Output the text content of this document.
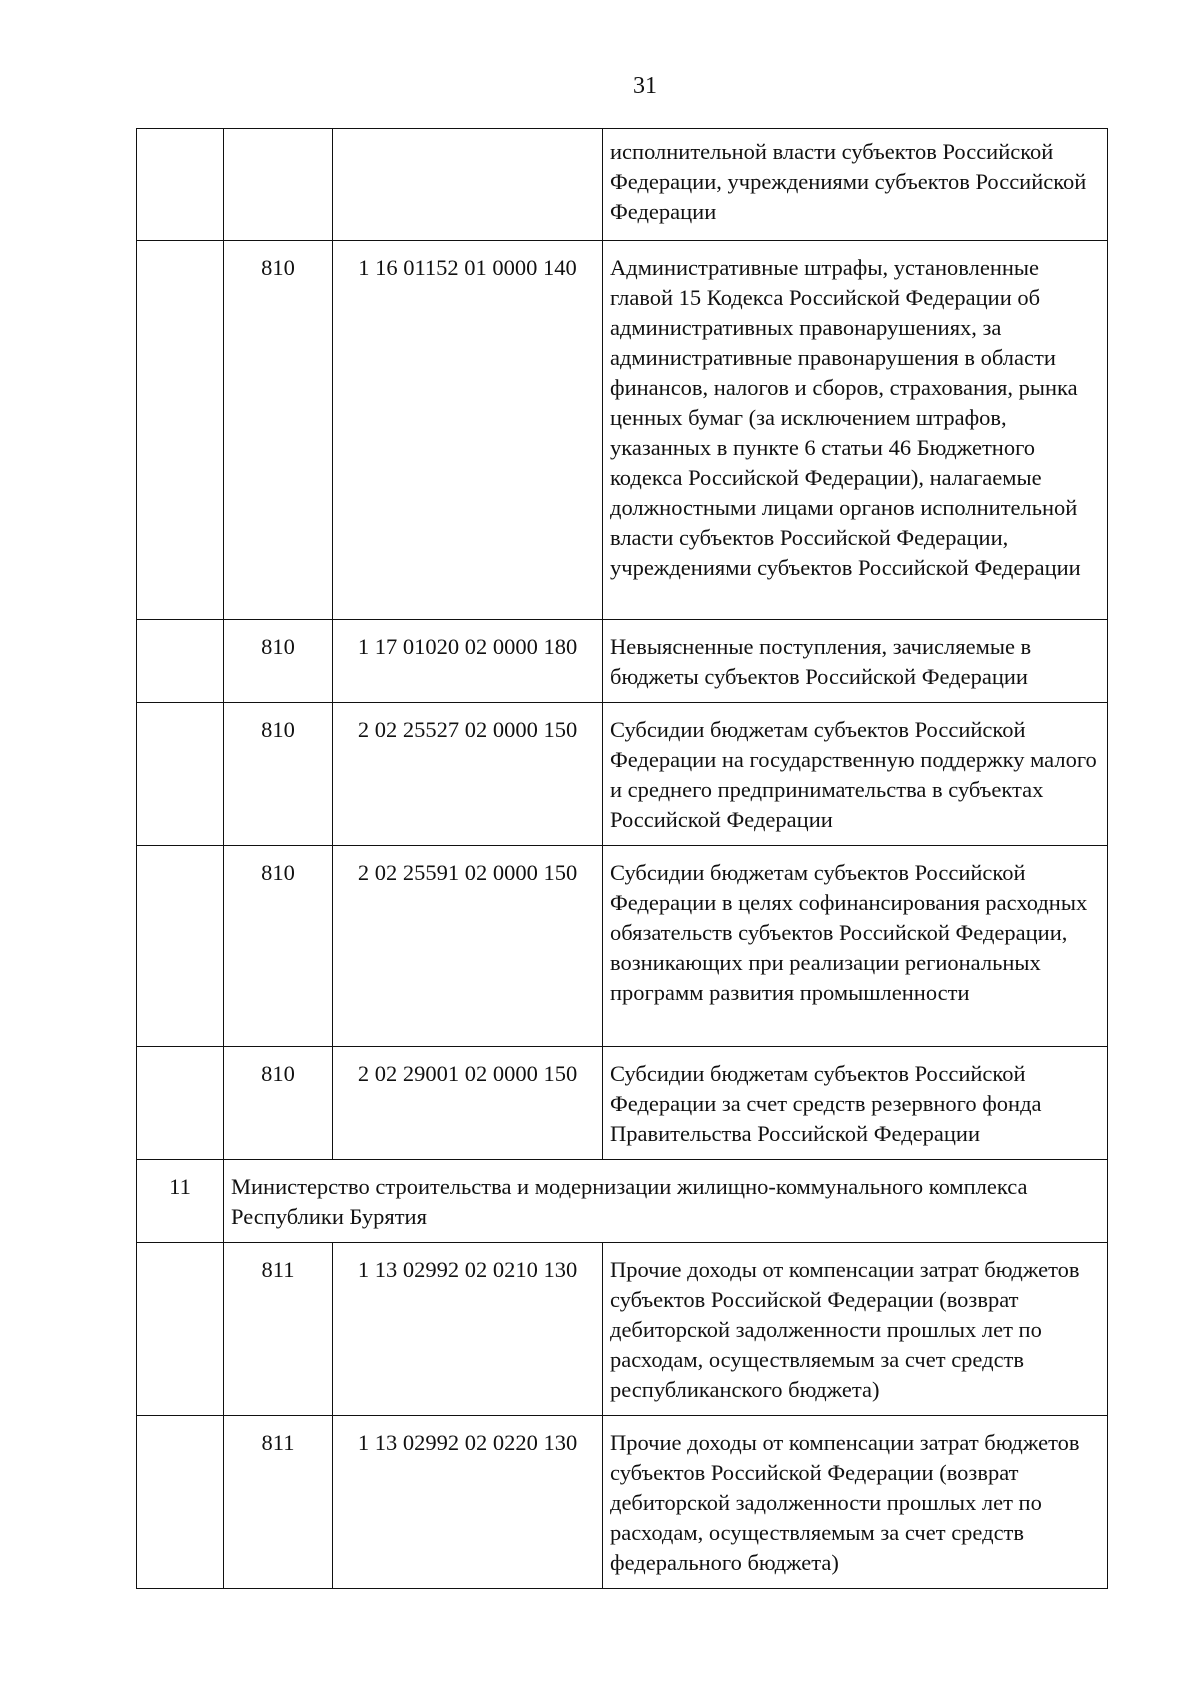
31
			исполнительной власти субъектов Российской Федерации, учреждениями субъектов Российской Федерации
	810	1 16 01152 01 0000 140	Административные штрафы, установленные главой 15 Кодекса Российской Федерации об административных правонарушениях, за административные правонарушения в области финансов, налогов и сборов, страхования, рынка ценных бумаг (за исключением штрафов, указанных в пункте 6 статьи 46 Бюджетного кодекса Российской Федерации), налагаемые должностными лицами органов исполнительной власти субъектов Российской Федерации, учреждениями субъектов Российской Федерации
	810	1 17 01020 02 0000 180	Невыясненные поступления, зачисляемые в бюджеты субъектов Российской Федерации
	810	2 02 25527 02 0000 150	Субсидии бюджетам субъектов Российской Федерации на государственную поддержку малого и среднего предпринимательства в субъектах Российской Федерации
	810	2 02 25591 02 0000 150	Субсидии бюджетам субъектов Российской Федерации в целях софинансирования расходных обязательств субъектов Российской Федерации, возникающих при реализации региональных программ развития промышленности
	810	2 02 29001 02 0000 150	Субсидии бюджетам субъектов Российской Федерации за счет средств резервного фонда Правительства Российской Федерации
11	Министерство строительства и модернизации жилищно-коммунального комплекса Республики Бурятия		
	811	1 13 02992 02 0210 130	Прочие доходы от компенсации затрат бюджетов субъектов Российской Федерации (возврат дебиторской задолженности прошлых лет по расходам, осуществляемым за счет средств республиканского бюджета)
	811	1 13 02992 02 0220 130	Прочие доходы от компенсации затрат бюджетов субъектов Российской Федерации (возврат дебиторской задолженности прошлых лет по расходам, осуществляемым за счет средств федерального бюджета)
